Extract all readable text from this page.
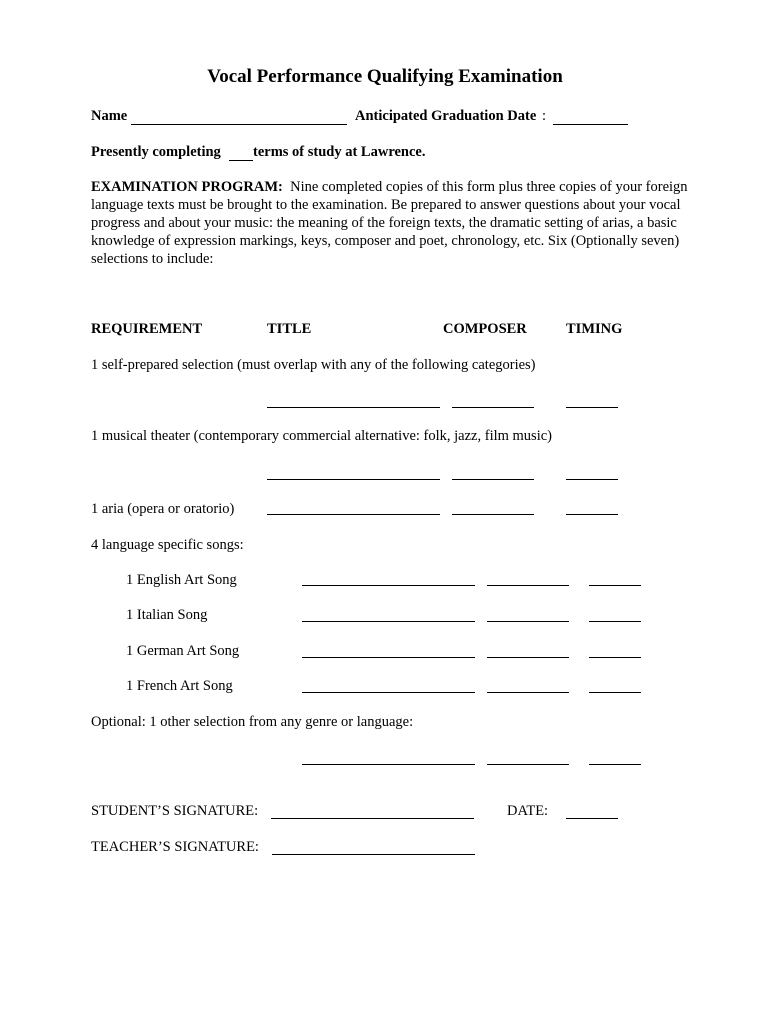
Vocal Performance Qualifying Examination
Name	Anticipated Graduation Date :
Presently completing terms of study at Lawrence.
EXAMINATION PROGRAM: Nine completed copies of this form plus three copies of your foreign language texts must be brought to the examination. Be prepared to answer questions about your vocal progress and about your music: the meaning of the foreign texts, the dramatic setting of arias, a basic knowledge of expression markings, keys, composer and poet, chronology, etc. Six (Optionally seven) selections to include:
REQUIREMENT	TITLE	COMPOSER	TIMING
1 self-prepared selection (must overlap with any of the following categories)
1 musical theater (contemporary commercial alternative: folk, jazz, film music)
1 aria (opera or oratorio)
4 language specific songs:
1 English Art Song
1 Italian Song
1 German Art Song
1 French Art Song
Optional: 1 other selection from any genre or language:
STUDENT’S SIGNATURE:	DATE:
TEACHER’S SIGNATURE:
